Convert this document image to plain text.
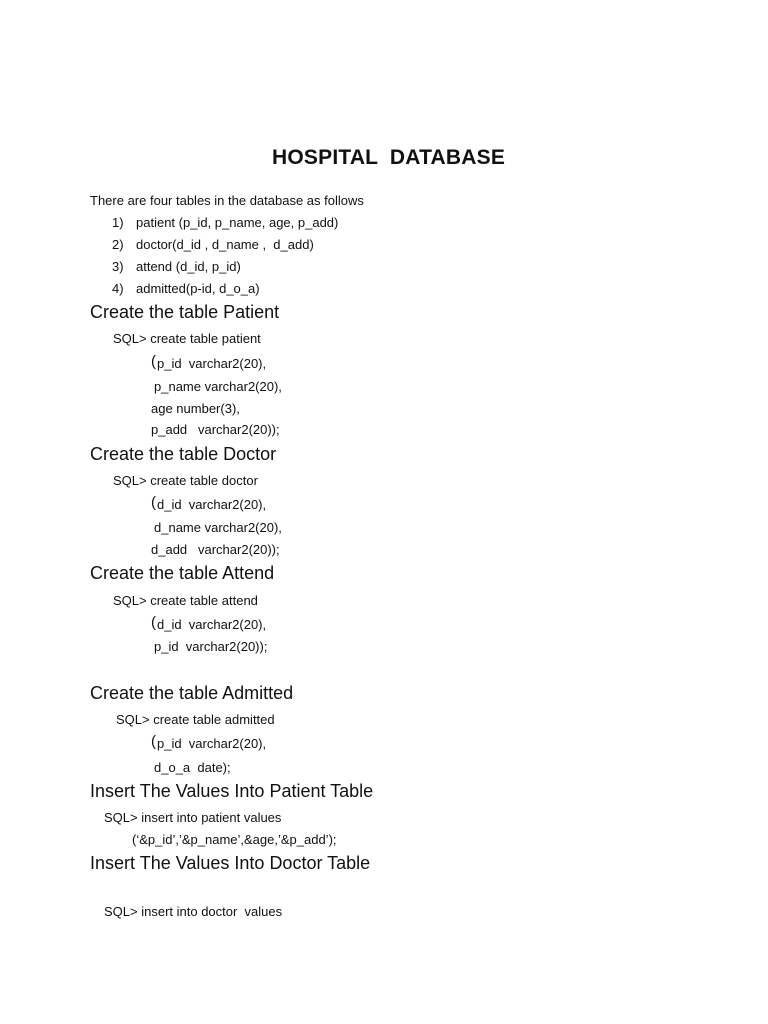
HOSPITAL  DATABASE
There are four tables in the database as follows
1) patient (p_id, p_name, age, p_add)
2) doctor(d_id , d_name ,  d_add)
3) attend (d_id, p_id)
4) admitted(p-id, d_o_a)
Create the table Patient
SQL> create table patient
( p_id  varchar2(20),
p_name varchar2(20),
age number(3),
p_add   varchar2(20));
Create the table Doctor
SQL> create table doctor
( d_id  varchar2(20),
d_name varchar2(20),
d_add   varchar2(20));
Create the table Attend
SQL> create table attend
( d_id  varchar2(20),
p_id  varchar2(20));
Create the table Admitted
SQL> create table admitted
( p_id  varchar2(20),
d_o_a  date);
Insert The Values Into Patient Table
SQL> insert into patient values
(‘&p_id’,’&p_name’,&age,’&p_add’);
Insert The Values Into Doctor Table
SQL> insert into doctor  values
